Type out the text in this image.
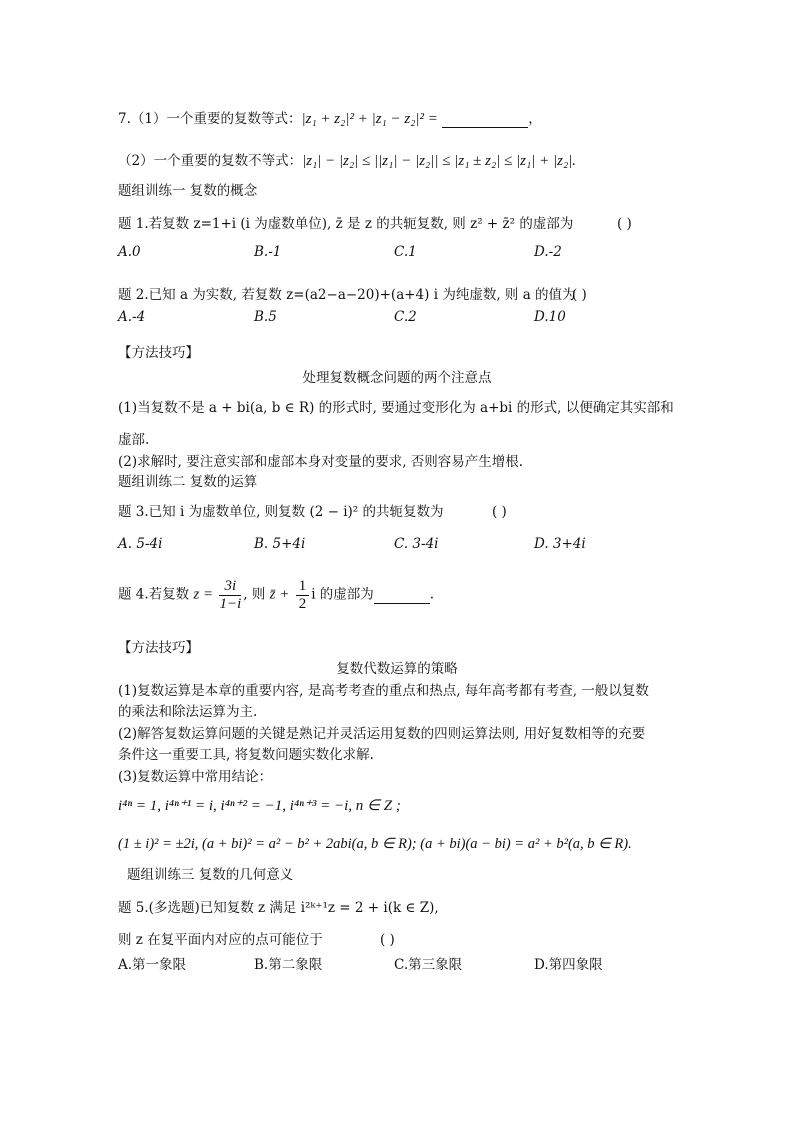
7.（1）一个重要的复数等式：|z₁ + z₂|² + |z₁ − z₂|² =	，
（2）一个重要的复数不等式：|z₁| − |z₂| ≤ ||z₁| − |z₂|| ≤ |z₁ ± z₂| ≤ |z₁| + |z₂|.
题组训练一 复数的概念
题 1.若复数 z=1+i (i 为虚数单位), z̄ 是 z 的共轭复数, 则 z² + z̄² 的虚部为	( )
A.0	B.-1	C.1	D.-2
题 2.已知 a 为实数, 若复数 z=(a2−a−20)+(a+4) i 为纯虚数, 则 a 的值为
( )
A.-4	B.5	C.2	D.10
【方法技巧】
处理复数概念问题的两个注意点
(1)当复数不是 a + bi(a, b ∈ R) 的形式时, 要通过变形化为 a+bi 的形式, 以便确定其实部和
虚部.
(2)求解时, 要注意实部和虚部本身对变量的要求, 否则容易产生增根.
题组训练二 复数的运算
题 3.已知 i 为虚数单位, 则复数 (2 − i)² 的共轭复数为	( )
A. 5-4i	B. 5+4i	C. 3-4i	D. 3+4i
题 4.若复数 $z = \frac{3i}{1-i}$ , 则 z̄ + $\frac{1}{2}$ i 的虚部为	.
【方法技巧】
复数代数运算的策略
(1)复数运算是本章的重要内容, 是高考考查的重点和热点, 每年高考都有考查, 一般以复数
的乘法和除法运算为主.
(2)解答复数运算问题的关键是熟记并灵活运用复数的四则运算法则, 用好复数相等的充要
条件这一重要工具, 将复数问题实数化求解.
(3)复数运算中常用结论：
i⁴ⁿ = 1, i⁴ⁿ⁺¹ = i, i⁴ⁿ⁺² = −1, i⁴ⁿ⁺³ = −i, n ∈ Z ;
(1 ± i)² = ±2i, (a + bi)² = a² − b² + 2abi(a, b ∈ R); (a + bi)(a − bi) = a² + b²(a, b ∈ R).
题组训练三 复数的几何意义
题 5.(多选题)已知复数 z 满足 i²ᵏ⁺¹z = 2 + i(k ∈ Z),
则 z 在复平面内对应的点可能位于	( )
A.第一象限	B.第二象限	C.第三象限	D.第四象限
